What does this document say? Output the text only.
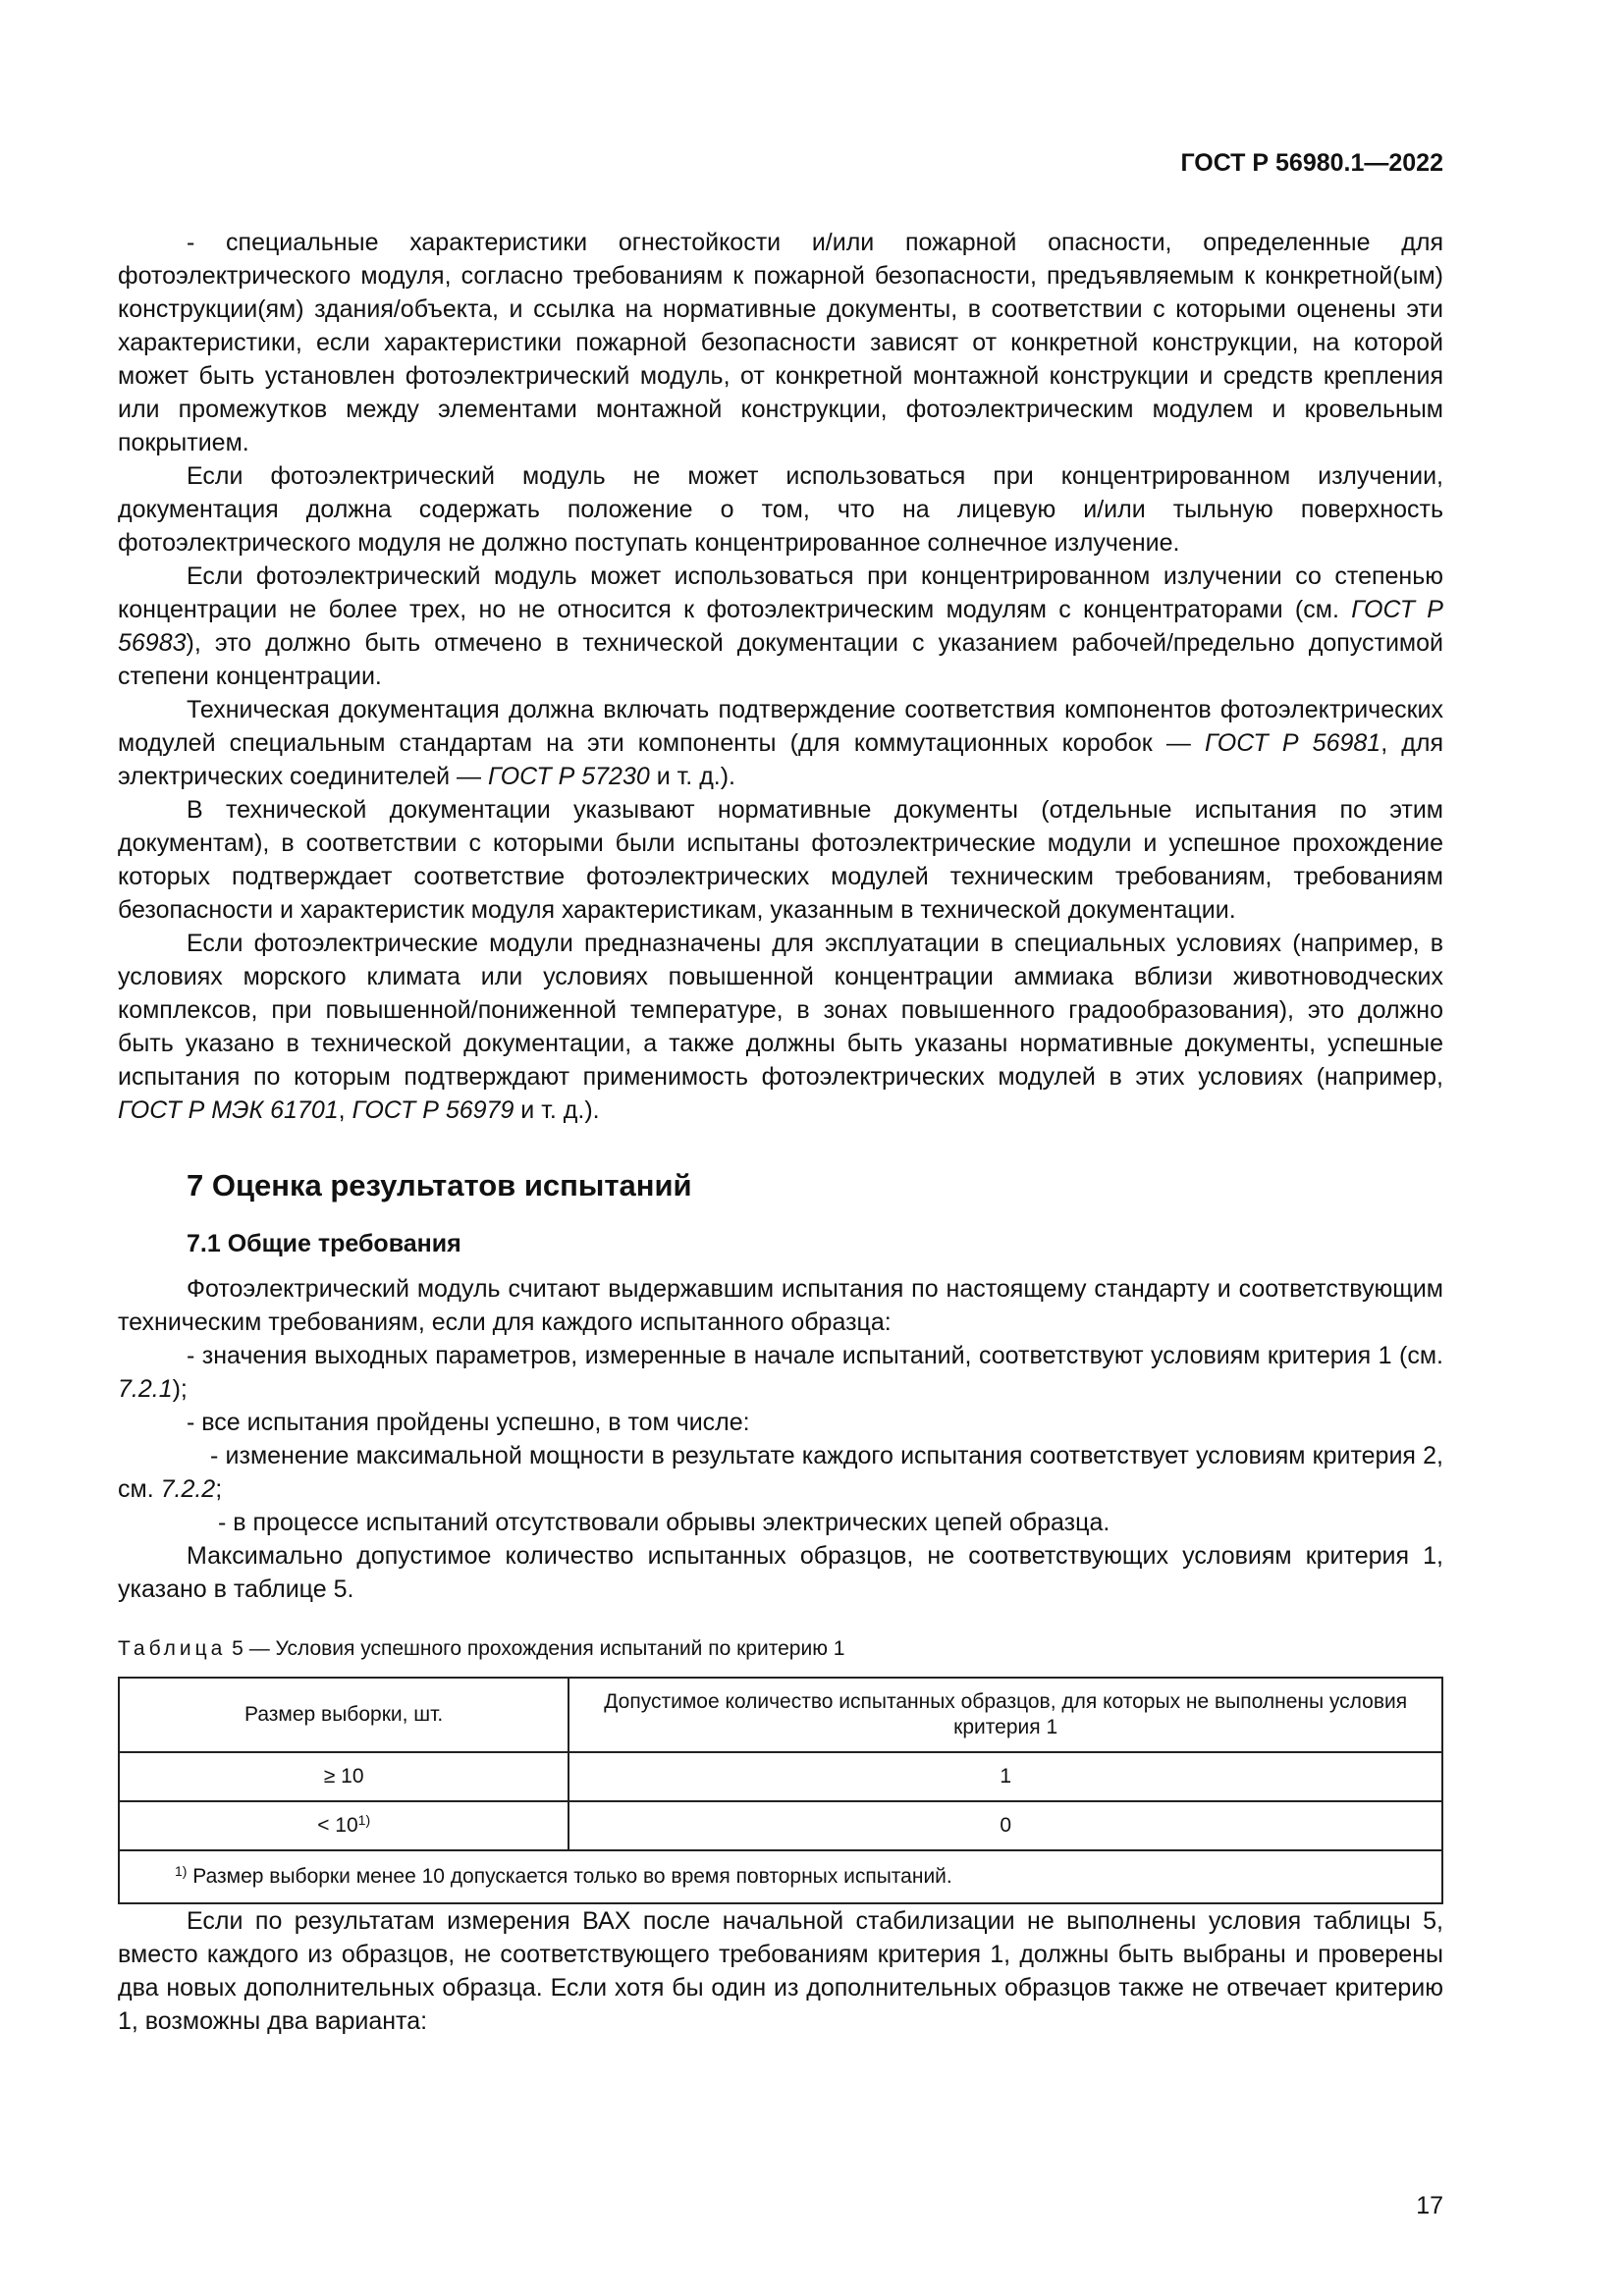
ГОСТ Р 56980.1—2022

- специальные характеристики огнестойкости и/или пожарной опасности, определенные для фотоэлектрического модуля, согласно требованиям к пожарной безопасности, предъявляемым к конкретной(ым) конструкции(ям) здания/объекта, и ссылка на нормативные документы, в соответствии с которыми оценены эти характеристики, если характеристики пожарной безопасности зависят от конкретной конструкции, на которой может быть установлен фотоэлектрический модуль, от конкретной монтажной конструкции и средств крепления или промежутков между элементами монтажной конструкции, фотоэлектрическим модулем и кровельным покрытием.

Если фотоэлектрический модуль не может использоваться при концентрированном излучении, документация должна содержать положение о том, что на лицевую и/или тыльную поверхность фотоэлектрического модуля не должно поступать концентрированное солнечное излучение.

Если фотоэлектрический модуль может использоваться при концентрированном излучении со степенью концентрации не более трех, но не относится к фотоэлектрическим модулям с концентраторами (см. ГОСТ Р 56983), это должно быть отмечено в технической документации с указанием рабочей/предельно допустимой степени концентрации.

Техническая документация должна включать подтверждение соответствия компонентов фотоэлектрических модулей специальным стандартам на эти компоненты (для коммутационных коробок — ГОСТ Р 56981, для электрических соединителей — ГОСТ Р 57230 и т. д.).

В технической документации указывают нормативные документы (отдельные испытания по этим документам), в соответствии с которыми были испытаны фотоэлектрические модули и успешное прохождение которых подтверждает соответствие фотоэлектрических модулей техническим требованиям, требованиям безопасности и характеристик модуля характеристикам, указанным в технической документации.

Если фотоэлектрические модули предназначены для эксплуатации в специальных условиях (например, в условиях морского климата или условиях повышенной концентрации аммиака вблизи животноводческих комплексов, при повышенной/пониженной температуре, в зонах повышенного градообразования), это должно быть указано в технической документации, а также должны быть указаны нормативные документы, успешные испытания по которым подтверждают применимость фотоэлектрических модулей в этих условиях (например, ГОСТ Р МЭК 61701, ГОСТ Р 56979 и т. д.).

7 Оценка результатов испытаний
7.1 Общие требования

Фотоэлектрический модуль считают выдержавшим испытания по настоящему стандарту и соответствующим техническим требованиям, если для каждого испытанного образца:

- значения выходных параметров, измеренные в начале испытаний, соответствуют условиям критерия 1 (см. 7.2.1);

- все испытания пройдены успешно, в том числе:

- изменение максимальной мощности в результате каждого испытания соответствует условиям критерия 2, см. 7.2.2;

- в процессе испытаний отсутствовали обрывы электрических цепей образца.

Максимально допустимое количество испытанных образцов, не соответствующих условиям критерия 1, указано в таблице 5.

Таблица 5 — Условия успешного прохождения испытаний по критерию 1
Размер выборки, шт.	Допустимое количество испытанных образцов, для которых не выполнены условия критерия 1
≥ 10	1
< $10^{1)}$	0
$^{1)}$ Размер выборки менее 10 допускается только во время повторных испытаний.	

Если по результатам измерения ВАХ после начальной стабилизации не выполнены условия таблицы 5, вместо каждого из образцов, не соответствующего требованиям критерия 1, должны быть выбраны и проверены два новых дополнительных образца. Если хотя бы один из дополнительных образцов также не отвечает критерию 1, возможны два варианта:

17
